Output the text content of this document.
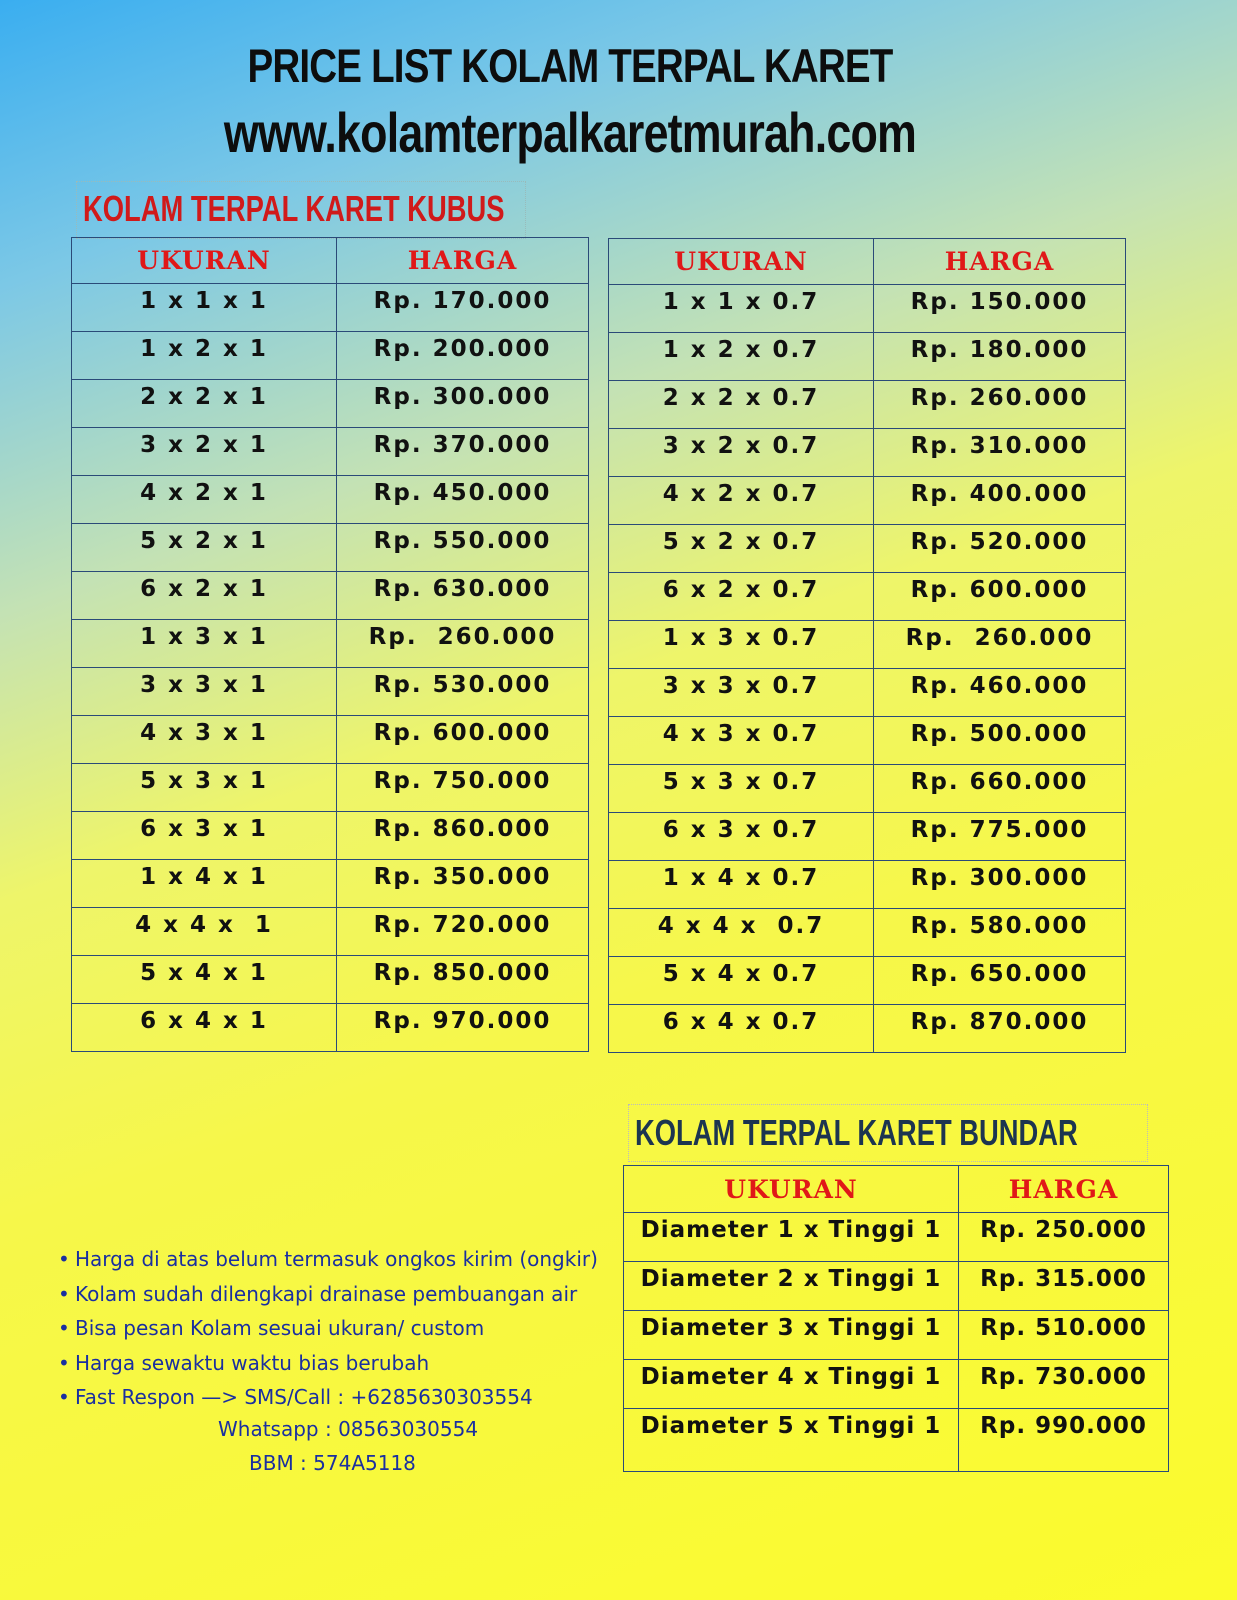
PRICE LIST KOLAM TERPAL KARET
www.kolamterpalkaretmurah.com
KOLAM TERPAL KARET KUBUS
UKURAN	HARGA
1 x 1 x 1	Rp. 170.000
1 x 2 x 1	Rp. 200.000
2 x 2 x 1	Rp. 300.000
3 x 2 x 1	Rp. 370.000
4 x 2 x 1	Rp. 450.000
5 x 2 x 1	Rp. 550.000
6 x 2 x 1	Rp. 630.000
1 x 3 x 1	Rp.  260.000
3 x 3 x 1	Rp. 530.000
4 x 3 x 1	Rp. 600.000
5 x 3 x 1	Rp. 750.000
6 x 3 x 1	Rp. 860.000
1 x 4 x 1	Rp. 350.000
4 x 4 x  1	Rp. 720.000
5 x 4 x 1	Rp. 850.000
6 x 4 x 1	Rp. 970.000
UKURAN	HARGA
1 x 1 x 0.7	Rp. 150.000
1 x 2 x 0.7	Rp. 180.000
2 x 2 x 0.7	Rp. 260.000
3 x 2 x 0.7	Rp. 310.000
4 x 2 x 0.7	Rp. 400.000
5 x 2 x 0.7	Rp. 520.000
6 x 2 x 0.7	Rp. 600.000
1 x 3 x 0.7	Rp.  260.000
3 x 3 x 0.7	Rp. 460.000
4 x 3 x 0.7	Rp. 500.000
5 x 3 x 0.7	Rp. 660.000
6 x 3 x 0.7	Rp. 775.000
1 x 4 x 0.7	Rp. 300.000
4 x 4 x  0.7	Rp. 580.000
5 x 4 x 0.7	Rp. 650.000
6 x 4 x 0.7	Rp. 870.000
KOLAM TERPAL KARET BUNDAR
UKURAN	HARGA
Diameter 1 x Tinggi 1	Rp. 250.000
Diameter 2 x Tinggi 1	Rp. 315.000
Diameter 3 x Tinggi 1	Rp. 510.000
Diameter 4 x Tinggi 1	Rp. 730.000
Diameter 5 x Tinggi 1	Rp. 990.000
• Harga di atas belum termasuk ongkos kirim (ongkir)
• Kolam sudah dilengkapi drainase pembuangan air
• Bisa pesan Kolam sesuai ukuran/ custom
• Harga sewaktu waktu bias berubah
• Fast Respon —> SMS/Call : +6285630303554
Whatsapp : 08563030554
BBM : 574A5118
